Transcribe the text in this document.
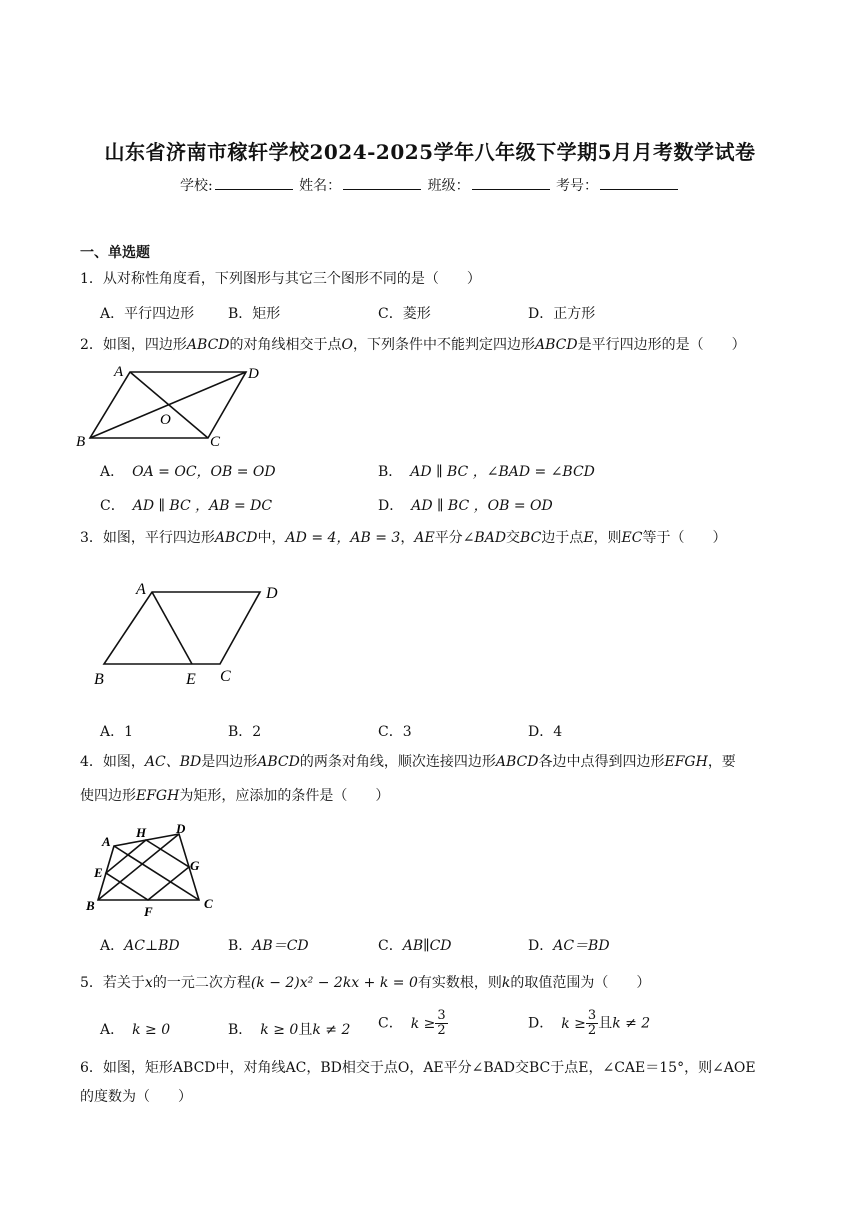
山东省济南市稼轩学校2024-2025学年八年级下学期5月月考数学试卷
学校:	姓名：	班级：	考号：
一、单选题
1．从对称性角度看，下列图形与其它三个图形不同的是（　　）
A．平行四边形 B．矩形	C．菱形	D．正方形
2．如图，四边形ABCD的对角线相交于点O，下列条件中不能判定四边形ABCD是平行四边形的是（　　）
A	D
B	C
O
A． OA = OC，OB = OD	B． AD ∥ BC ，∠BAD = ∠BCD
C． AD ∥ BC ，AB = DC	D． AD ∥ BC ，OB = OD
3．如图，平行四边形ABCD中，AD = 4，AB = 3，AE平分∠BAD交BC边于点E，则EC等于（　　）
A	D
B	E C
A．1	B．2	C．3	D．4
4．如图，AC、BD是四边形ABCD的两条对角线，顺次连接四边形ABCD各边中点得到四边形EFGH，要
使四边形EFGH为矩形，应添加的条件是（　　）
A
H D
G
E
B	F
C
A．AC⊥BD	B．AB＝CD	C．AB∥CD	D．AC＝BD
5．若关于x的一元二次方程(k − 2)x² − 2kx + k = 0有实数根，则k的取值范围为（　　）
A． k ≥ 0	B． k ≥ 0且k ≠ 2 C． $k \ge \frac{3}{2}$	D． $k \ge \frac{3}{2}$ 且k ≠ 2
6．如图，矩形ABCD中，对角线AC，BD相交于点O，AE平分∠BAD交BC于点E，∠CAE＝15°，则∠AOE
的度数为（　　）
